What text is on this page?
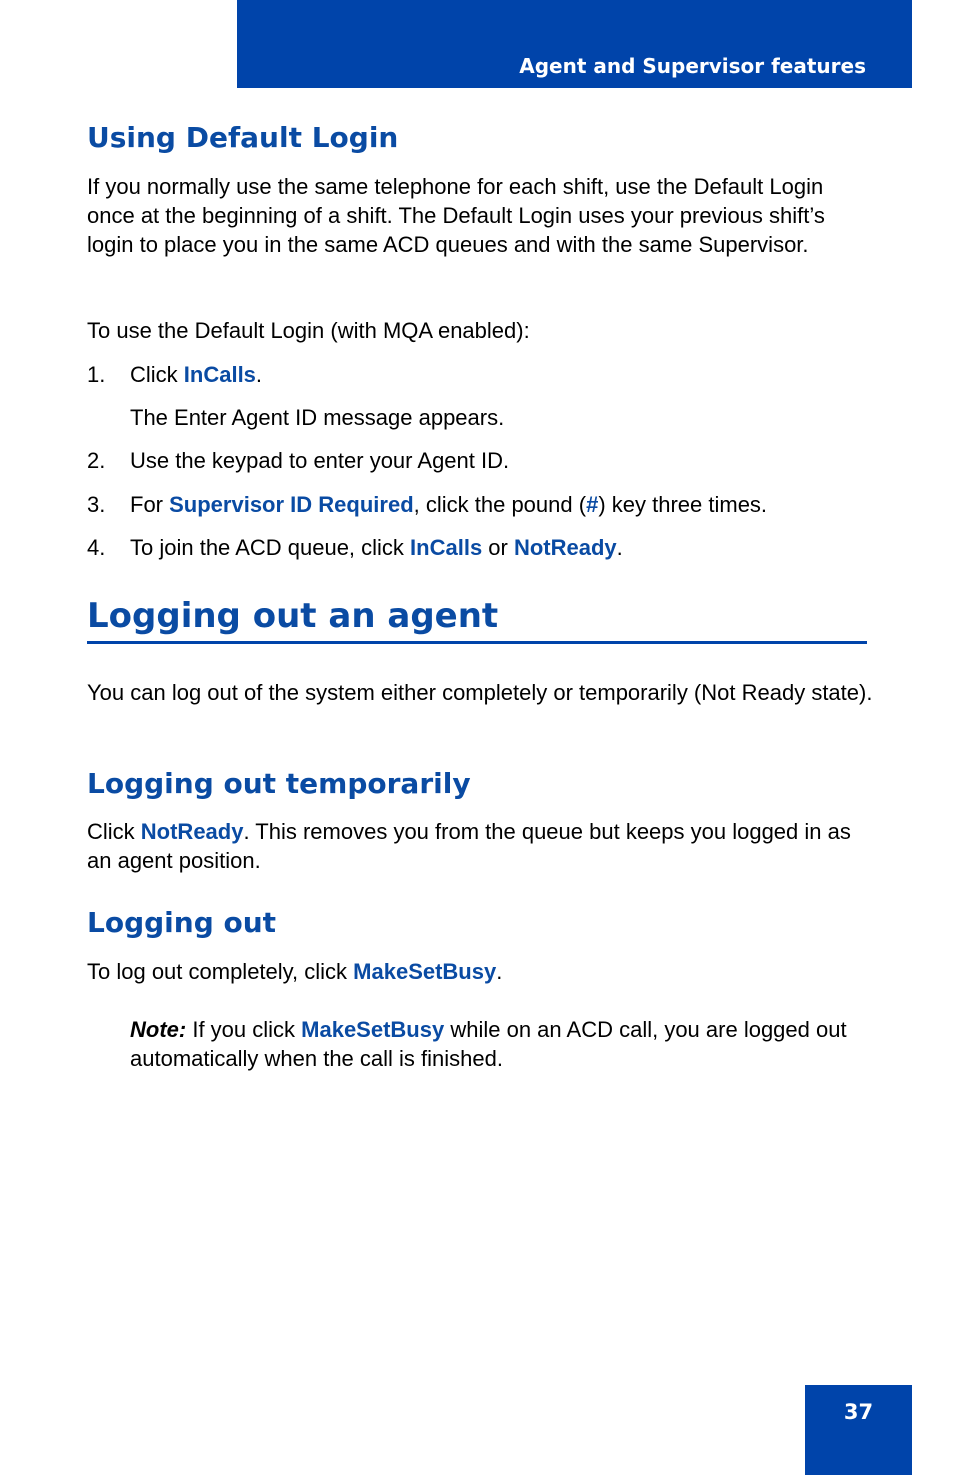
Agent and Supervisor features
Using Default Login

If you normally use the same telephone for each shift, use the Default Login once at the beginning of a shift. The Default Login uses your previous shift’s login to place you in the same ACD queues and with the same Supervisor.

To use the Default Login (with MQA enabled):

1. Click InCalls.

The Enter Agent ID message appears.

2. Use the keypad to enter your Agent ID.

3. For Supervisor ID Required, click the pound (#) key three times.

4. To join the ACD queue, click InCalls or NotReady.

Logging out an agent

You can log out of the system either completely or temporarily (Not Ready state).

Logging out temporarily

Click NotReady. This removes you from the queue but keeps you logged in as an agent position.

Logging out

To log out completely, click MakeSetBusy.

Note: If you click MakeSetBusy while on an ACD call, you are logged out automatically when the call is finished.

37
